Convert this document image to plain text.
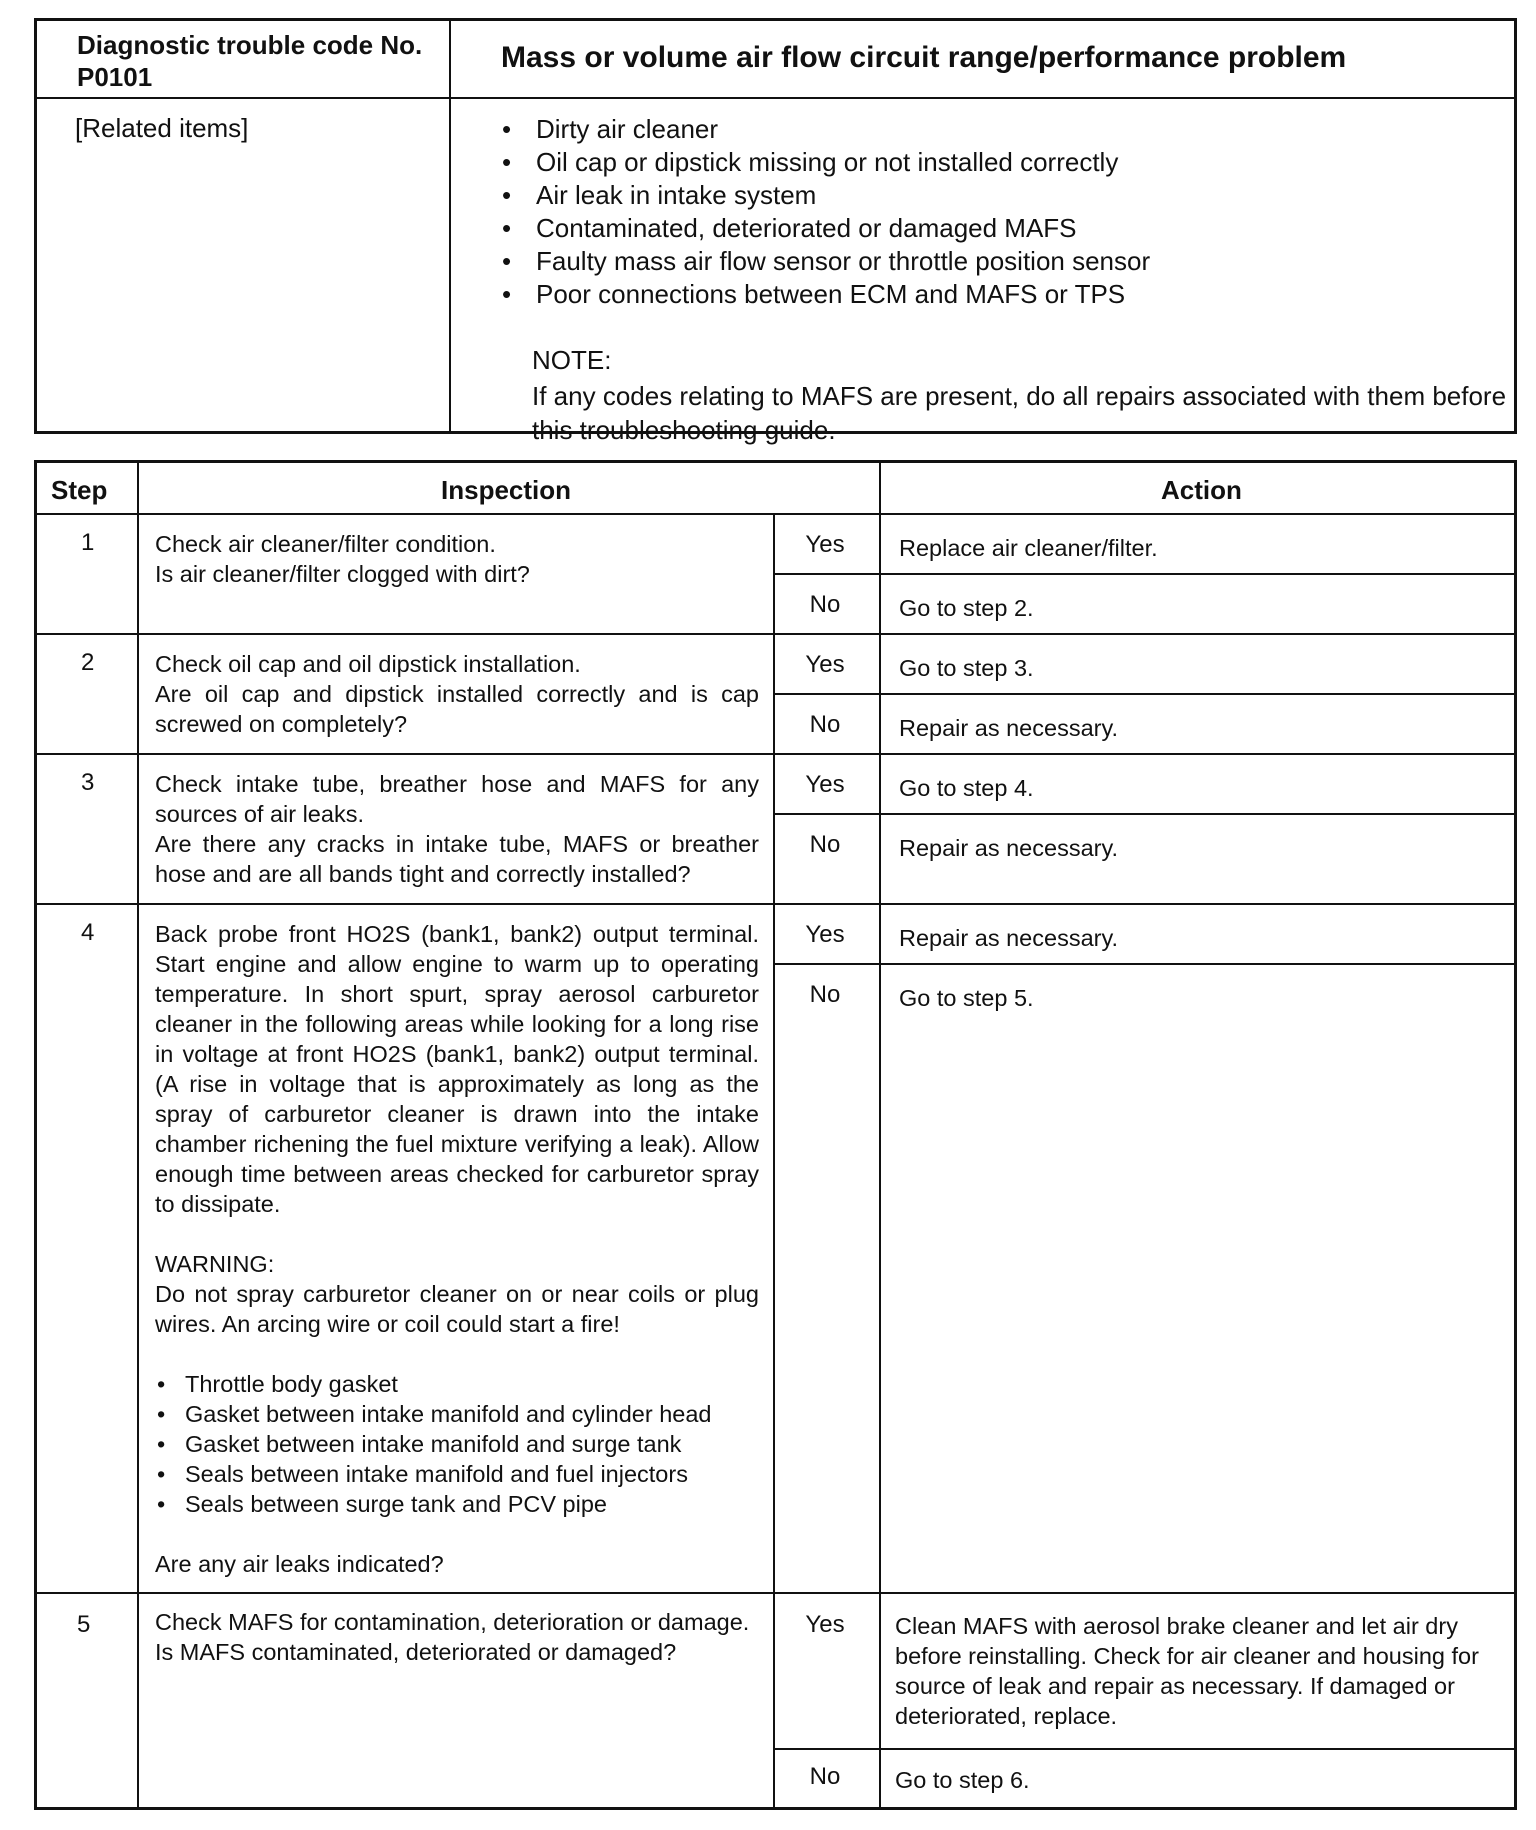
Diagnostic trouble code No. P0101
Mass or volume air flow circuit range/performance problem
[Related items]
•	Dirty air cleaner
• Oil cap or dipstick missing or not installed correctly
• Air leak in intake system
• Contaminated, deteriorated or damaged MAFS
• Faulty mass air flow sensor or throttle position sensor
• Poor connections between ECM and MAFS or TPS
NOTE:
If any codes relating to MAFS are present, do all repairs associated with them before this troubleshooting guide.
Step	Inspection	Action
1	Check air cleaner/filter condition.

Is air cleaner/filter clogged with dirt?

Yes	Replace air cleaner/filter.
No	Go to step 2.
2	Check oil cap and oil dipstick installation.

Are oil cap and dipstick installed correctly and is cap screwed on completely?

Yes	Go to step 3.
No	Repair as necessary.
3	Check intake tube, breather hose and MAFS for any sources of air leaks.

Are there any cracks in intake tube, MAFS or breather hose and are all bands tight and correctly installed?

Yes	Go to step 4.
No	Repair as necessary.
4	Back probe front HO2S (bank1, bank2) output terminal. Start engine and allow engine to warm up to operating temperature. In short spurt, spray aerosol carburetor cleaner in the following areas while looking for a long rise in voltage at front HO2S (bank1, bank2) output terminal. (A rise in voltage that is approximately as long as the spray of carburetor cleaner is drawn into the intake chamber richening the fuel mixture verifying a leak). Allow enough time between areas checked for carburetor spray to dissipate.

WARNING:

Do not spray carburetor cleaner on or near coils or plug wires. An arcing wire or coil could start a fire!

• Throttle body gasket
• Gasket between intake manifold and cylinder head
• Gasket between intake manifold and surge tank
• Seals between intake manifold and fuel injectors
• Seals between surge tank and PCV pipe

Are any air leaks indicated?

Yes	Repair as necessary.
No	Go to step 5.
5	Check MAFS for contamination, deterioration or damage.

Is MAFS contaminated, deteriorated or damaged?

Yes	Clean MAFS with aerosol brake cleaner and let air dry before reinstalling. Check for air cleaner and housing for source of leak and repair as necessary. If damaged or deteriorated, replace.
No	Go to step 6.
